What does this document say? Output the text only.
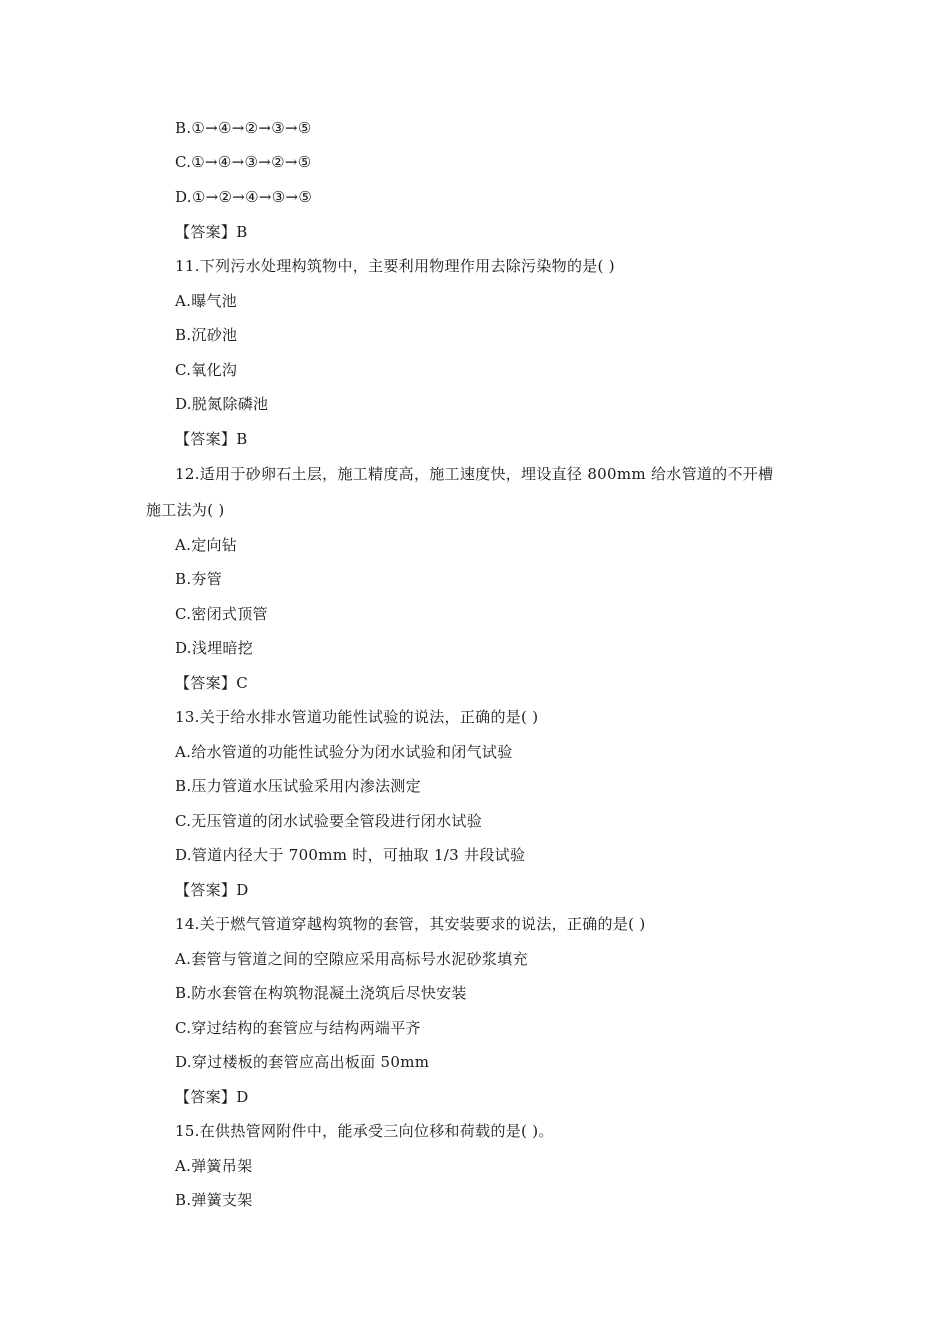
B.①→④→②→③→⑤
C.①→④→③→②→⑤
D.①→②→④→③→⑤
【答案】B
11.下列污水处理构筑物中，主要利用物理作用去除污染物的是( )
A.曝气池
B.沉砂池
C.氧化沟
D.脱氮除磷池
【答案】B
12.适用于砂卵石土层，施工精度高，施工速度快，埋设直径 800mm 给水管道的不开槽
施工法为( )
A.定向钻
B.夯管
C.密闭式顶管
D.浅埋暗挖
【答案】C
13.关于给水排水管道功能性试验的说法，正确的是( )
A.给水管道的功能性试验分为闭水试验和闭气试验
B.压力管道水压试验采用内渗法测定
C.无压管道的闭水试验要全管段进行闭水试验
D.管道内径大于 700mm 时，可抽取 1/3 井段试验
【答案】D
14.关于燃气管道穿越构筑物的套管，其安装要求的说法，正确的是( )
A.套管与管道之间的空隙应采用高标号水泥砂浆填充
B.防水套管在构筑物混凝土浇筑后尽快安装
C.穿过结构的套管应与结构两端平齐
D.穿过楼板的套管应高出板面 50mm
【答案】D
15.在供热管网附件中，能承受三向位移和荷载的是( )。
A.弹簧吊架
B.弹簧支架
